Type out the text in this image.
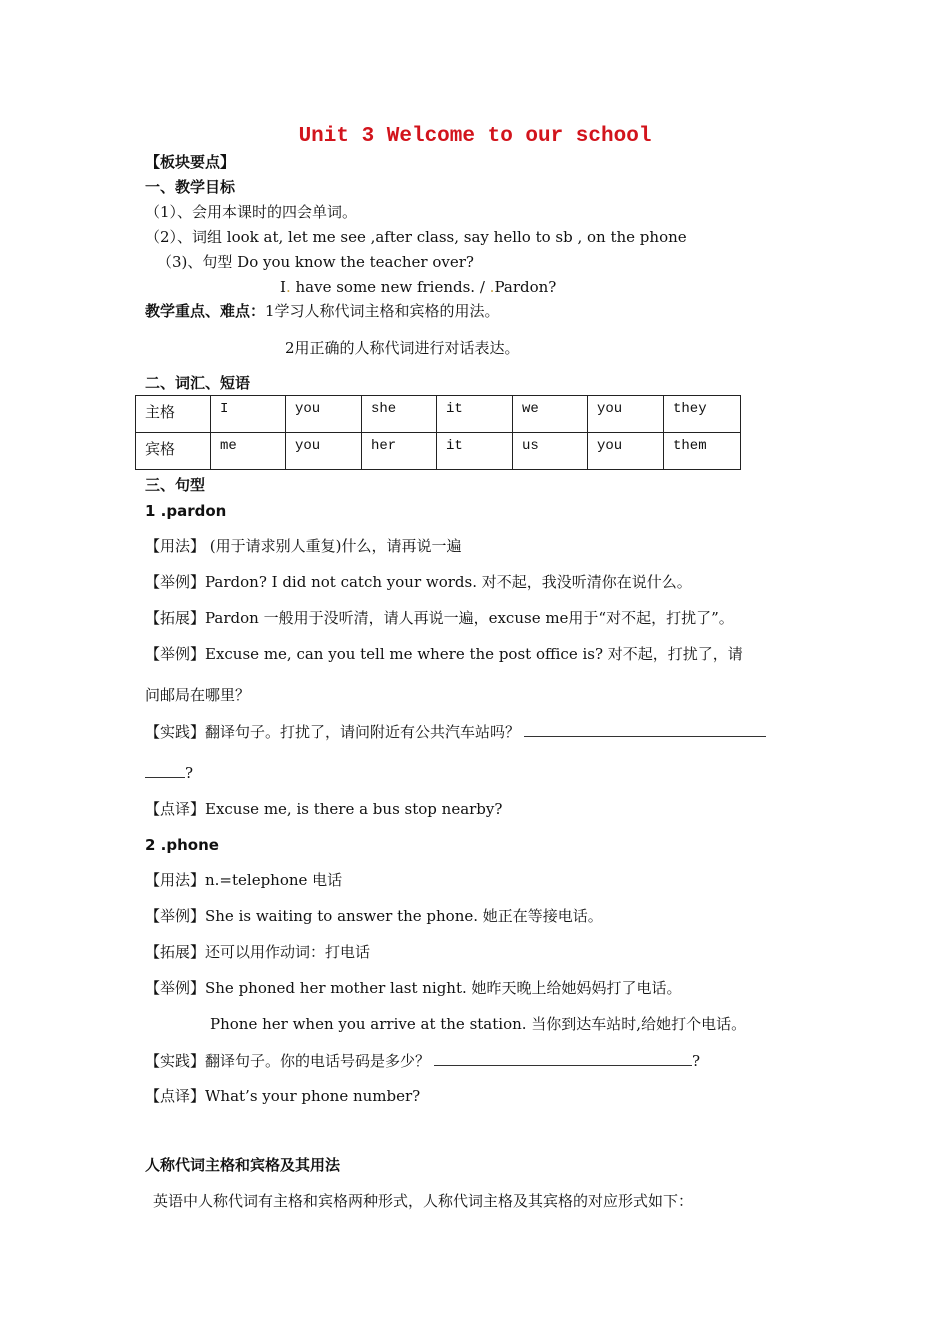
Unit 3 Welcome to our school
【板块要点】
一、教学目标
（1）、会用本课时的四会单词。
（2）、词组 look at, let me see ,after class, say hello to sb , on the phone
（3)、句型 Do you know the teacher over?
I. have some new friends. / .Pardon?
教学重点、难点：1学习人称代词主格和宾格的用法。
2用正确的人称代词进行对话表达。
二、词汇、短语
主格	I	you	she	it	we	you	they
宾格	me	you	her	it	us	you	them
三、句型
1 .pardon
【用法】 (用于请求别人重复)什么，请再说一遍
【举例】Pardon? I did not catch your words. 对不起，我没听清你在说什么。
【拓展】Pardon 一般用于没听清，请人再说一遍，excuse me用于“对不起，打扰了”。
【举例】Excuse me, can you tell me where the post office is? 对不起，打扰了，请
问邮局在哪里？
【实践】翻译句子。打扰了，请问附近有公共汽车站吗？
?
【点译】Excuse me, is there a bus stop nearby?
2 .phone
【用法】n.=telephone 电话
【举例】She is waiting to answer the phone. 她正在等接电话。
【拓展】还可以用作动词：打电话
【举例】She phoned her mother last night. 她昨天晚上给她妈妈打了电话。
Phone her when you arrive at the station. 当你到达车站时,给她打个电话。
【实践】翻译句子。你的电话号码是多少？	?
【点译】What’s your phone number?
人称代词主格和宾格及其用法
英语中人称代词有主格和宾格两种形式，人称代词主格及其宾格的对应形式如下：
